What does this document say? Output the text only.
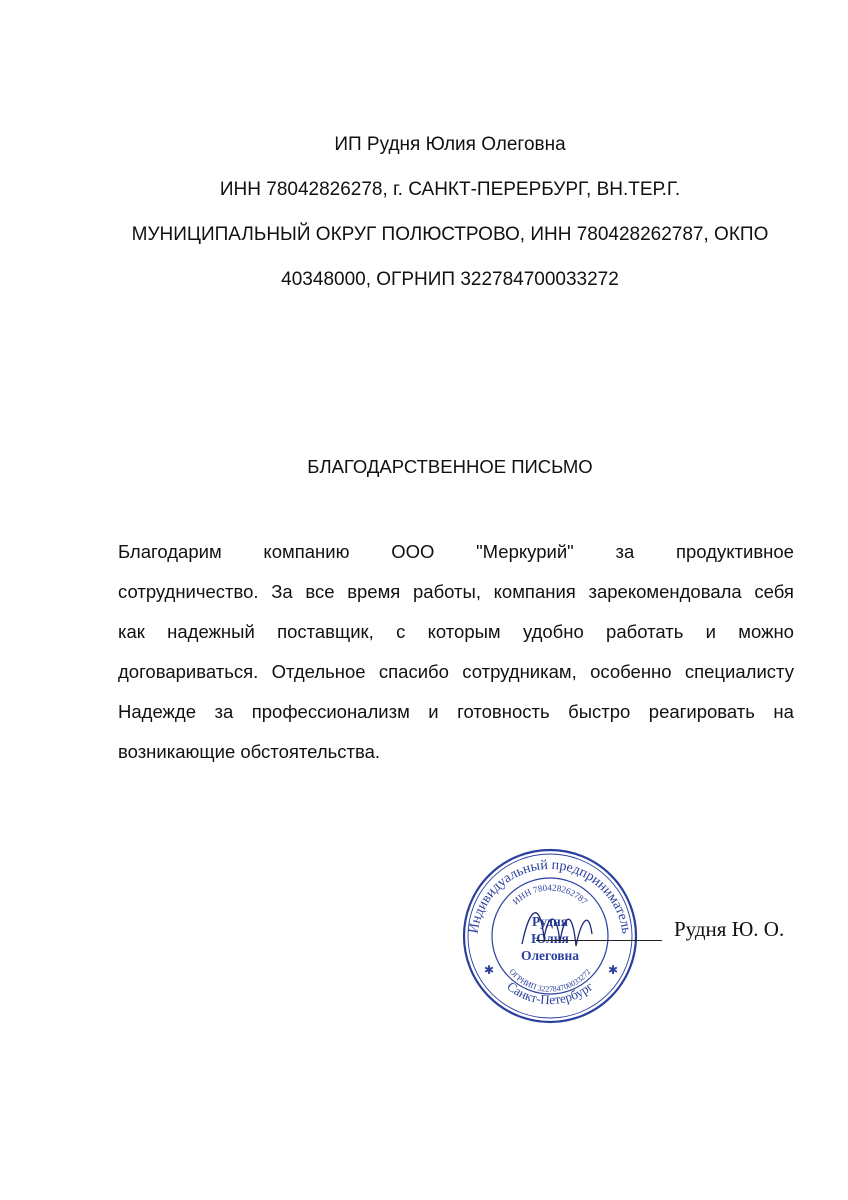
ИП Рудня Юлия Олеговна
ИНН 78042826278, г. САНКТ-ПЕРЕРБУРГ, ВН.ТЕР.Г.
МУНИЦИПАЛЬНЫЙ ОКРУГ ПОЛЮСТРОВО, ИНН 780428262787, ОКПО
40348000, ОГРНИП 322784700033272
БЛАГОДАРСТВЕННОЕ ПИСЬМО
Благодарим компанию ООО "Меркурий" за продуктивное
сотрудничество. За все время работы, компания зарекомендовала себя
как надежный поставщик, с которым удобно работать и можно
договариваться. Отдельное спасибо сотрудникам, особенно специалисту
Надежде за профессионализм и готовность быстро реагировать на
возникающие обстоятельства.
Индивидуальный предприниматель
Санкт-Петербург
ИНН 780428262787
ОГРНИП 322784700033272
✱	✱
Рудня
Юлия
Олеговна
Рудня Ю. О.
